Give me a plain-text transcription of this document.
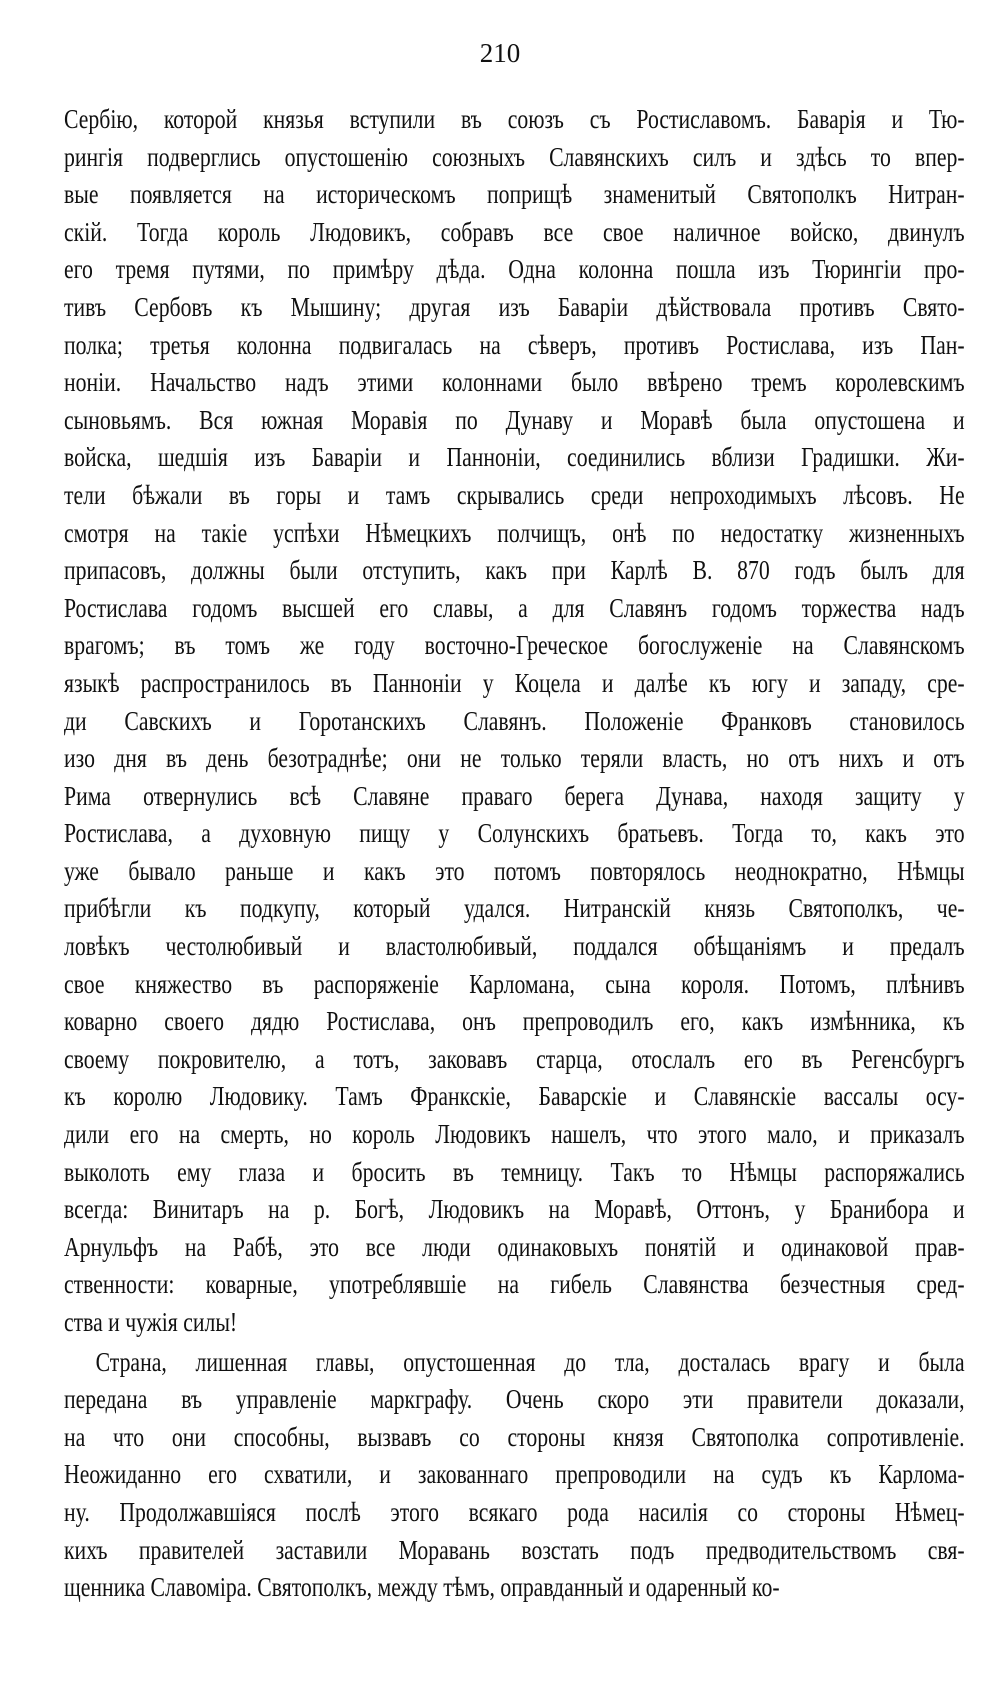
210
Сербію, которой князья вступили въ союзъ съ Ростиславомъ. Баварія и Тю-
рингія подверглись опустошенію союзныхъ Славянскихъ силъ и здѣсь то впер-
вые появляется на историческомъ поприщѣ знаменитый Святополкъ Нитран-
скій. Тогда король Людовикъ, собравъ все свое наличное войско, двинулъ
его тремя путями, по примѣру дѣда. Одна колонна пошла изъ Тюрингіи про-
тивъ Сербовъ къ Мышину; другая изъ Баваріи дѣйствовала противъ Свято-
полка; третья колонна подвигалась на сѣверъ, противъ Ростислава, изъ Пан-
ноніи. Начальство надъ этими колоннами было ввѣрено тремъ королевскимъ
сыновьямъ. Вся южная Моравія по Дунаву и Моравѣ была опустошена и
войска, шедшія изъ Баваріи и Панноніи, соединились вблизи Градишки. Жи-
тели бѣжали въ горы и тамъ скрывались среди непроходимыхъ лѣсовъ. Не
смотря на такіе успѣхи Нѣмецкихъ полчищъ, онѣ по недостатку жизненныхъ
припасовъ, должны были отступить, какъ при Карлѣ В. 870 годъ былъ для
Ростислава годомъ высшей его славы, а для Славянъ годомъ торжества надъ
врагомъ; въ томъ же году восточно-Греческое богослуженіе на Славянскомъ
языкѣ распространилось въ Панноніи у Коцела и далѣе къ югу и западу, сре-
ди Савскихъ и Горотанскихъ Славянъ. Положеніе Франковъ становилось
изо дня въ день безотраднѣе; они не только теряли власть, но отъ нихъ и отъ
Рима отвернулись всѣ Славяне праваго берега Дунава, находя защиту у
Ростислава, а духовную пищу у Солунскихъ братьевъ. Тогда то, какъ это
уже бывало раньше и какъ это потомъ повторялось неоднократно, Нѣмцы
прибѣгли къ подкупу, который удался. Нитранскій князь Святополкъ, че-
ловѣкъ честолюбивый и властолюбивый, поддался обѣщаніямъ и предалъ
свое княжество въ распоряженіе Карломана, сына короля. Потомъ, плѣнивъ
коварно своего дядю Ростислава, онъ препроводилъ его, какъ измѣнника, къ
своему покровителю, а тотъ, заковавъ старца, отослалъ его въ Регенсбургъ
къ королю Людовику. Тамъ Франкскіе, Баварскіе и Славянскіе вассалы осу-
дили его на смерть, но король Людовикъ нашелъ, что этого мало, и приказалъ
выколоть ему глаза и бросить въ темницу. Такъ то Нѣмцы распоряжались
всегда: Винитаръ на р. Богѣ, Людовикъ на Моравѣ, Оттонъ, у Бранибора и
Арнульфъ на Рабѣ, это все люди одинаковыхъ понятій и одинаковой прав-
ственности: коварные, употреблявшіе на гибель Славянства безчестныя сред-
ства и чужія силы!
Страна, лишенная главы, опустошенная до тла, досталась врагу и была
передана въ управленіе маркграфу. Очень скоро эти правители доказали,
на что они способны, вызвавъ со стороны князя Святополка сопротивленіе.
Неожиданно его схватили, и закованнаго препроводили на судъ къ Карлома-
ну. Продолжавшіяся послѣ этого всякаго рода насилія со стороны Нѣмец-
кихъ правителей заставили Моравань возстать подъ предводительствомъ свя-
щенника Славоміра. Святополкъ, между тѣмъ, оправданный и одаренный ко-
